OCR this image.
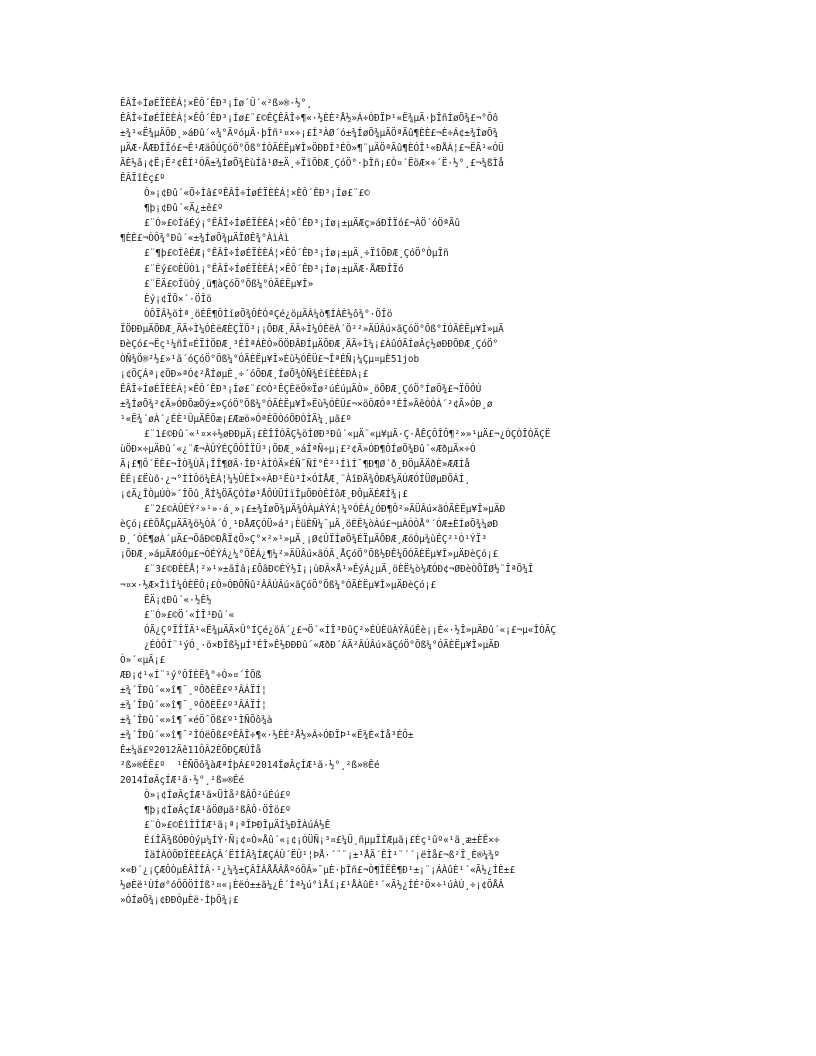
ÊÂÎ÷ÍøÉÏÈÈÁ¦×ÊÔ´ÊÐ³¡Íø´Û´«²ß»®·½°¸
ÊÂÎ÷ÍøÉÏÈÈÁ¦×ÊÔ´ÊÐ³¡Íø£¨£©ÊÇÊÂÎ÷¶«·½ÈÈ²Å½»Á÷ÓÐÏÞ¹«Ë¾µÄ·þÎñÍøÕ¾£¬°Ôô
±¾¹«Ë¾µÄÕÐ¸»áÐû´«¾°ÃºóµÄ·þÎñ¹¤×÷¡£Í³ÀØ´ó±¾ÍøÕ¾µÄÖªÃû¶ÈÈ£¬È÷Á¢±¾ÍøÕ¾
µÄÆ·ÅÆÐÎÏó£¬Ê¹ÆäÔÚÇóÖ°Õß°ÍÓÃÈËµ¥Î»ÖÐÐÎ³ÉÒ»¶¨µÄÖªÃû¶ÈÓÎ¹«ÐÅÁ¦£¬ËÃ¹«ÓÜ
ÃÈ½â¡¢Ë¡Ë²¢ËÍ¹ÓÃ±¾ÍøÕ¾ÈùÍâ¹Ø±Ä¸÷ÏïÕÐÆ¸ÇóÖ°·þÎñ¡£Ò¤´ËöÆ×÷´Ë·½°¸£¬¾ßÌå
ÊÂÏîÈç£º
Ò»¡¢Ðû´«Ö÷Ìâ£ºÊÂÎ÷ÍøÉÏÈÈÁ¦×ÊÔ´ÊÐ³¡Íø£¨£©
¶þ¡¢Ðû´«Ä¿±ê£º
£¨Ò»£©ÌáÉý¡°ÊÂÎ÷ÍøÉÏÈÈÁ¦×ÊÔ´ÊÐ³¡Íø¡±µÄÆç»áÐÎÏó£¬ÀÖ´óÖªÃû
¶ÈÈ£¬ÒÔ¾°Ðû´«±¾ÍøÕ¾µÄÏØÊ¾°ÀìÀì
£¨¶þ£©ÍêÉÆ¡°ÊÂÎ÷ÍøÉÏÈÈÁ¦×ÊÔ´ÊÐ³¡Íø¡±µÄ¸÷ÏîÕÐÆ¸ÇóÖ°ÒµÎñ
£¨Èý£©ÈÜÒì¡°ÊÂÎ÷ÍøÉÏÈÈÁ¦×ÊÔ´ÊÐ³¡Íø¡±µÄÆ·ÅÆÐÎÏó
£¨ËÄ£©ÎüÒý¸ü¶àÇóÖ°Õß¼°ÓÃÈËµ¥Î»
Èý¡¢ÏÖ×´·ÖÎö
ÒÔÏÂ½öÌª¸öÈË¶ÔÌíøÕ¾ÔÈÓªÇé¿öµÄÀ¼ò¶ÍÀÈ½ô¾°·ÖÎö
ÏÖÐÐµÄÕÐÆ¸ÃÃ÷Ì¼ÓÈëÆÈÇÏÖ³¡¡ÕÐÆ¸ÃÃ÷Ì¼ÓÈëÀ´Ö²²»ÄÜÂú×ãÇóÖ°Õß°ÍÓÃÈËµ¥Î»µÄ
ÐèÇó£¬Ëç¹¼ñÎ¤ÉÏÍÕÐÆ¸³ÉÎªÁÈÒ»ÖÖÐÂÐÍµÄÕÐÆ¸ÃÃ÷Ì¼¡£ÀûÓÃÍøÂç½øÐÐÕÐÆ¸ÇóÖ°
ÒÑ¾Ö®²½£»¹ã´óÇóÖ°Õß¼°ÓÃÈËµ¥Î»Èù½ÓÊÜ£¬ÎªÉÑ¡¼Çµ¤µÈ51job
¡¢ÖÇÁª¡¢ÖÐ»ªÓ¢²ÅÍøµÈ¸÷´óÕÐÆ¸ÍøÕ¾ÒÑ¾ÉíÈÈÈÐÀ¡£
ÊÂÎ÷ÍøÉÏÈÈÁ¦×ÊÔ´ÊÐ³¡Íø£¨£©Ò²ÊÇÈëÖ®Ïø²úÉúµÄÒ»¸öÕÐÆ¸ÇóÖ°ÍøÕ¾£¬ÏÖÔÚ
±¾ÍøÕ¾²¢Ã»ÓÐÕæÕý±»ÇóÖ°Õß¼°ÓÃÈËµ¥Î»Ëù½ÓÊÜ£¬×öÔÆÓª³ÉÎ»ÃêÒÒÀ´²¢Ã»ÓÐ¸ø
¹«Ë¾´øÀ´¿ÉÈ¹ÛµÄÊÕæ¡£Ææö»ÓªÈÕÒóÕÐÒÌÃ¼¸µã£º
£¨1£©Ðû´«¹¤×÷½øÐÐµÄ¡£ÈÎÎÒÃÇ½öÌØÐ³Ðû´«µÄ¨«µ¥µÄ·Ç·ÅÊÇÔÎÔ¶²»»¹µÄ£¬¿ÓÇÒÎÒÃÇË
ùÖÐ×÷µÄÐû´«¿¨Æ¬ÀÛÝÉÇÕÔÎÏÜ³¡ÕÐÆ¸»áÎªÑ÷µ¡£²¢Ã»ÓÐ¶ÔÍøÕ¾Ðû´«ÆðµÃ×÷Ó
Ã¡£¶Ô´ËÊ£¬ÎÒ¾ÙÄ¡ÎÎ¶ØÂ·ÎÐ¹ÀÌÓÃ×ÉÑ¯ÑÍ°Ê²¹ÍìÍ¯¶Ð¶Ø´ð¸ÐÖµÃÄðÈ»ÆÆÌå
ÊÊ¡£Ëùõ·¿¬°ÌÌÔö¼ÈÁ¦¼½ÛÈÎ×÷ÀÐ¹Ëù³Ì×ÓÌÅÆ¸¨ÀîÐÄ¾ÔÐÆ¼ÄÚÆÓÍÜØµÐÕÁÍ¸
¡¢Ä¿ÎÒµÚÒ»´ÎÕû¸ÅÍ¼ÖÃÇÓÍø¹ÅÔÚÜÍïÎµÖÐÒÊÍôÆ¸ÐÔµÄÉÆÍ¾¡£
£¨2£©ÀÛÈÝ²»¹»·á¸»¡£±¾ÍøÕ¾µÄ¾ÒÀµÀÝÁ¦¼ºÓÈÁ¿ÓÐ¶Ô²»ÄÜÂú×ãÓÃÈËµ¥Î»µÄÐ
èÇó¡£ÈÕÅÇµÄÃ¾ö¼ÒÀ´Ó¸¹ÐÅÆÇÓÜ»á³¡ÈüÈÑ¼¯µÄ¸öÈË¼òÀú£¬µÀÓÒÅ°´ÓÆ±ÈÍøÕ¾¼øÐ
Ð¸´ÓÈ¶øÀ´µÄ£¬ÕâÐ©ÐÅÏ¢Ö»Ç°×²»¹»µÄ¸¡Ø¢ÛÏÍøÕ¾ÉÏµÄÕÐÆ¸ÆóÒµ¾ùÊÇ²¹Ó¹ÝÏ³
¡ÕÐÆ¸»áµÄÆóÒµ£¬ÓÉÝÁ¿¼°ÖÊÁ¿¶¼²»ÄÜÂú×ãÓÃ¸ÅÇóÖ°Õß½ÐÊ¼ÕÓÃÈËµ¥Î»µÄÐèÇó¡£
£¨3£©ÐÈÈÅ¦²»¹»±ãÍâ¡£ÕâÐ©ÈÝ½Ì¡¡ùÐÂ×Å¹»ÊýÁ¿µÄ¸öÈË¼ò¼ÆÓÐ¢¬ØÐèÒÕÏØ½¨ÎªÕ¾Î
¬¤×·½Æ×ÎìÍ¼ÓÈËÔ¡£Ò»ÓÐÕÑû²ÂÂÚÂú×ãÇóÖ°Õß¼°ÓÃÈËµ¥Î»µÄÐèÇó¡£
ËÄ¡¢Ðû´«·½Ê½
£¨Ò»£©Ö´«ÍÎ³Ðû´«
ÓÃ¿ÇºÏÎÏÃ¹«Ë¾µÄÃ×Û°ÍÇé¿öÀ´¿£¬Ö´«ÍÎ³ÐûÇ²»ÉÙÈüÀÝÂúÊè¡¡È«·½Î»µÄÐû´«¡£¬µ«ÎÒÃÇ
¿ÉÒÔÍ¨¹ýÓ¸·ö×ÐÏß½µÍ³ÉÎ»Ê½ÐÐÐû´«ÆðÐ´ÁÃ²ÂÚÂú×ãÇóÖ°Õß¼°ÓÃÈËµ¥Î»µÄÐ
Ò»´«µÄ¡£
ÆÐ¡¢¹«Í¨¹ý°ÔÎÈË¾°÷Ò»¤´ÎÕß
±¾´ÎÐû´«»î¶¯¸ºÔðÈË£º³ÂÁÏÍ¦
±¾´ÎÐû´«»î¶¯¸ºÔðÈË£º³ÂÁÏÍ¦
±¾´ÎÐû´«»î¶¯×éÖ¯Õß£º¹ÌÑÕô¾à
±¾´ÎÐû´«»î¶¯²ÎÓëÕß£ºÊÂÎ÷¶«·½ÈÈ²Å½»Á÷ÓÐÏÞ¹«Ë¾È«Ìå³ÉÔ±
Ê±¼ä£º2012Äê11ÔÂ2ÈÕÐÇÆÚÎå
²ß»®ÈË£º  ¹ÊÑÕô¾àÆªÍþÁ£º2014ÍøÂçÍÆ¹ã·½°¸²ß»®Êé
2014ÍøÂçÍÆ¹ã·½°¸²ß»®Êé
Ò»¡¢ÍøÂçÍÆ¹ã×ÜÌå²ßÂÔ²úÉú£º
¶þ¡¢ÍøÂçÍÆ¹ãÖØµã²ßÂÔ·ÖÎö£º
£¨Ò»£©ÉîÌÎÍÆ¹ã¡ª¡ªÎÞÐÎµÄÍ¼ÐÎÀúÁ½Ê
ÉíÎÃ¾ßÓÐÒýµ¼ÍÝ·Ñ¡¢¤Ò»Åû´«¡¢¡ÓÜÑ¡³¤£¼Ü¸ñµµÎÍÆµã¡£Èç¹ûº«¹ã¸æ±ÈÊ×÷
ÎäÍÀÒÕÐÏÈÉ£ÀÇÂ´ËÍÎÂ¾ÍÆÇÁÛ´ËÛ¹¦ÞÅ·´¨¨¡±¹ÅÃ´ÊÌ¹¨´´¡ëÌå£¬ß²Ï¸È®¼¾º
×«Ð´¿¡ÇÆÔÒµÊÂÎÎÂ·¹¿¼¾±ÇÂÎÂÅÅÂÅºóÔÂ»¯µÈ·þÎñ£¬Ò¶ÎËÊ¶Ð¹±¡¨¡ÁÀûÈ¹´«Ã½¿ÍÈ±£
½øÈë¹ÙÍø°óÔÖÖÍÍß¹¤«¡ÈëÓ±±ã¼¿Ê´Íª¼ú°ìÅí¡£¹ÅÀûÈ¹´«Ã½¿ÍÉ²Ö×÷¹úÀÚ¸÷¡¢ÖÅÂ
»ÓÍøÕ¾¡¢ÐÐÒµÈë·ÍþÕ¾¡£
